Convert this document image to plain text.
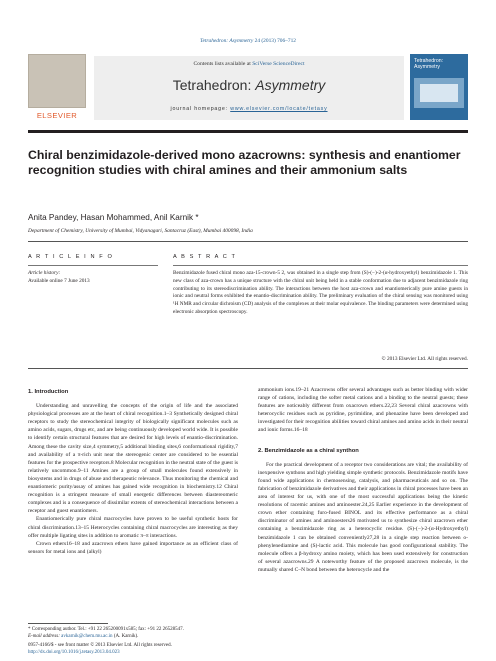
Tetrahedron: Asymmetry 24 (2013) 706–712
ELSEVIER
Contents lists available at SciVerse ScienceDirect
Tetrahedron: Asymmetry
journal homepage: www.elsevier.com/locate/tetasy
Tetrahedron: Asymmetry
Chiral benzimidazole-derived mono azacrowns: synthesis and enantiomer recognition studies with chiral amines and their ammonium salts
Anita Pandey, Hasan Mohammed, Anil Karnik *
Department of Chemistry, University of Mumbai, Vidyanagari, Santacruz (East), Mumbai 400098, India
A R T I C L E I N F O	A B S T R A C T
Article history:
Available online 7 June 2013
Benzimidazole fused chiral mono aza-15-crown-5 2, was obtained in a single step from (S)-(−)-2-(α-hydroxyethyl) benzimidazole 1. This new class of aza-crown has a unique structure with the chiral unit being held in a stable conformation due to adjacent benzimidazole ring contributing to its stereodiscrimination ability. The interactions between the host aza-crown and enantiomerically pure amine guests in ionic and neutral forms exhibited the enantio-discrimination ability. The preliminary evaluation of the chiral sensing was monitored using ¹H NMR and circular dichroism (CD) analysis of the complexes at their molar equivalence. The binding parameters were determined using electronic absorption spectroscopy.
© 2013 Elsevier Ltd. All rights reserved.
1. Introduction

Understanding and unravelling the concepts of the origin of life and the associated physiological processes are at the heart of chiral recognition.1–3 Synthetically designed chiral receptors to study the stereochemical integrity of biologically significant molecules such as amino acids, sugars, drugs etc, and are being continuously developed world wide. It is possible to identify certain structural features that are desired for high levels of enantio-discrimination. Among these the cavity size,4 symmetry,5 additional binding sites,6 conformational rigidity,7 and availability of a π-rich unit near the stereogenic center are considered to be essential features for the prospective receptors.8 Molecular recognition in the neutral state of the guest is relatively uncommon.9–11 Amines are a group of small molecules found extensively in biosystems and in drugs of abuse and therapeutic relevance. Thus monitoring the chemical and enantiomeric purity/assay of amines has gained wide recognition in biochemistry.12 Chiral recognition is a stringent measure of small energetic differences between diastereomeric complexes and is a consequence of dissimilar extents of stereochemical interactions between a receptor and guest enantiomers.

Enantiomerically pure chiral macrocycles have proven to be useful synthetic hosts for chiral discrimination.13–15 Heterocycles containing chiral macrocycles are interesting as they offer multiple ligating sites in addition to aromatic π–π interactions.

Crown ethers16–18 and azacrown ethers have gained importance as an efficient class of sensors for metal ions and (alkyl)

ammonium ions.19–21 Azacrowns offer several advantages such as better binding with wider range of cations, including the softer metal cations and a binding to the neutral guests; these features are noticeably different from oxacrown ethers.22,23 Several chiral azacrowns with heterocyclic residues such as pyridine, pyrimidine, and phenazine have been developed and investigated for their recognition abilities toward chiral amines and amino acids in their neutral and ionic forms.16–18

2. Benzimidazole as a chiral synthon

For the practical development of a receptor two considerations are vital; the availability of inexpensive synthons and high yielding simple synthetic protocols. Benzimidazole motifs have found wide applications in chemosensing, catalysis, and pharmaceuticals and so on. The fabrication of benzimidazole derivatives and their applications in chiral processes have been an area of interest for us, with one of the most successful applications being the kinetic resolutions of racemic amines and aminoester.24,25 Earlier experience in the development of crown ether containing furo-fused BINOL and its effective performance as a chiral discriminator of amines and aminoesters26 motivated us to synthesize chiral azacrown ether containing a benzimidazole ring as a heterocyclic residue. (S)-(−)-2-(α-Hydroxyethyl) benzimidazole 1 can be obtained conveniently27,28 in a single step reaction between o-phenylenediamine and (S)-lactic acid. This molecule has good configurational stability. The molecule offers a β-hydroxy amino moiety, which has been used extensively for construction of several azacrowns.29 A noteworthy feature of the proposed azacrown molecule, is the mutually shared C–N bond between the heterocycle and the

* Corresponding author. Tel.: +91 22 265200091x585; fax: +91 22 26528547.
E-mail address: avkarnik@chem.mu.ac.in (A. Karnik).
0957-4166/$ - see front matter © 2013 Elsevier Ltd. All rights reserved.
http://dx.doi.org/10.1016/j.tetasy.2013.04.023
